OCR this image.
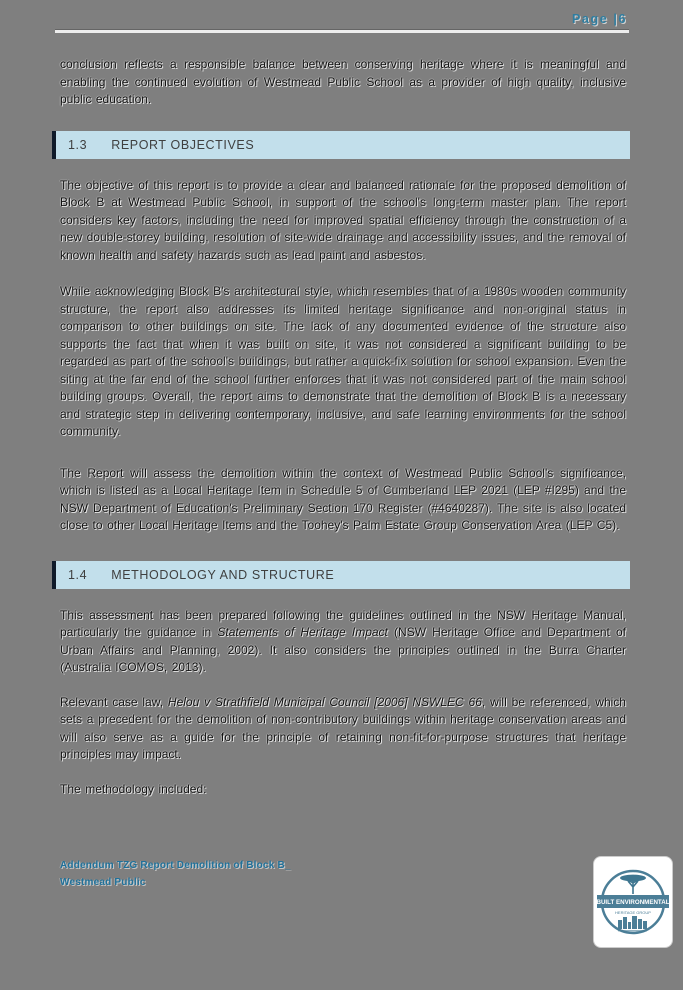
Page |6

conclusion reflects a responsible balance between conserving heritage where it is meaningful and enabling the continued evolution of Westmead Public School as a provider of high quality, inclusive public education.

1.3 REPORT OBJECTIVES

The objective of this report is to provide a clear and balanced rationale for the proposed demolition of Block B at Westmead Public School, in support of the school's long-term master plan. The report considers key factors, including the need for improved spatial efficiency through the construction of a new double-storey building, resolution of site-wide drainage and accessibility issues, and the removal of known health and safety hazards such as lead paint and asbestos.

While acknowledging Block B's architectural style, which resembles that of a 1980s wooden community structure, the report also addresses its limited heritage significance and non-original status in comparison to other buildings on site. The lack of any documented evidence of the structure also supports the fact that when it was built on site, it was not considered a significant building to be regarded as part of the school's buildings, but rather a quick-fix solution for school expansion. Even the siting at the far end of the school further enforces that it was not considered part of the main school building groups. Overall, the report aims to demonstrate that the demolition of Block B is a necessary and strategic step in delivering contemporary, inclusive, and safe learning environments for the school community.

The Report will assess the demolition within the context of Westmead Public School's significance, which is listed as a Local Heritage Item in Schedule 5 of Cumberland LEP 2021 (LEP #I295) and the NSW Department of Education's Preliminary Section 170 Register (#4640287). The site is also located close to other Local Heritage Items and the Toohey's Palm Estate Group Conservation Area (LEP C5).

1.4 METHODOLOGY AND STRUCTURE

This assessment has been prepared following the guidelines outlined in the NSW Heritage Manual, particularly the guidance in Statements of Heritage Impact (NSW Heritage Office and Department of Urban Affairs and Planning, 2002). It also considers the principles outlined in the Burra Charter (Australia ICOMOS, 2013).

Relevant case law, Helou v Strathfield Municipal Council [2006] NSWLEC 66, will be referenced, which sets a precedent for the demolition of non-contributory buildings within heritage conservation areas and will also serve as a guide for the principle of retaining non-fit-for-purpose structures that heritage principles may impact.

The methodology included:

Addendum TZG Report Demolition of Block B_
Westmead Public
BUILT ENVIRONMENTAL
HERITAGE GROUP
